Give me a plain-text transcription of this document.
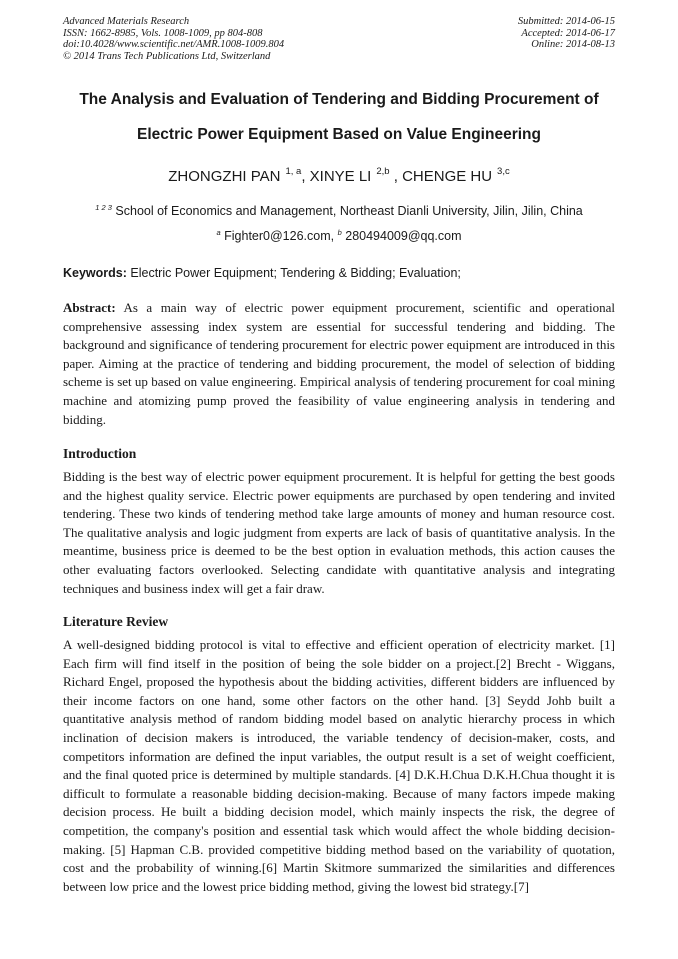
Advanced Materials Research
ISSN: 1662-8985, Vols. 1008-1009, pp 804-808
doi:10.4028/www.scientific.net/AMR.1008-1009.804
© 2014 Trans Tech Publications Ltd, Switzerland
Submitted: 2014-06-15
Accepted: 2014-06-17
Online: 2014-08-13
The Analysis and Evaluation of Tendering and Bidding Procurement of
Electric Power Equipment Based on Value Engineering
ZHONGZHI PAN   $^{1, a}$, XINYE LI   $^{2,b}$ , CHENGE HU   $^{3,c}$
$^{1 2 3}$ School of Economics and Management, Northeast Dianli University, Jilin, Jilin, China
$^a$ Fighter0@126.com, $^b$ 280494009@qq.com
Keywords: Electric Power Equipment; Tendering & Bidding; Evaluation;
Abstract: As a main way of electric power equipment procurement, scientific and operational comprehensive assessing index system are essential for successful tendering and bidding. The background and significance of tendering procurement for electric power equipment are introduced in this paper. Aiming at the practice of tendering and bidding procurement, the model of selection of bidding scheme is set up based on value engineering. Empirical analysis of tendering procurement for coal mining machine and atomizing pump proved the feasibility of value engineering analysis in tendering and bidding.
Introduction
Bidding is the best way of electric power equipment procurement. It is helpful for getting the best goods and the highest quality service. Electric power equipments are purchased by open tendering and invited tendering. These two kinds of tendering method take large amounts of money and human resource cost. The qualitative analysis and logic judgment from experts are lack of basis of quantitative analysis. In the meantime, business price is deemed to be the best option in evaluation methods, this action causes the other evaluating factors overlooked. Selecting candidate with quantitative analysis and integrating techniques and business index will get a fair draw.
Literature Review
A well-designed bidding protocol is vital to effective and efficient operation of electricity market. [1] Each firm will find itself in the position of being the sole bidder on a project.[2] Brecht - Wiggans, Richard Engel, proposed the hypothesis about the bidding activities, different bidders are influenced by their income factors on one hand, some other factors on the other hand. [3] Seydd Johb built a quantitative analysis method of random bidding model based on analytic hierarchy process in which inclination of decision makers is introduced, the variable tendency of decision-maker, costs, and competitors information are defined the input variables, the output result is a set of weight coefficient, and the final quoted price is determined by multiple standards. [4] D.K.H.Chua D.K.H.Chua thought it is difficult to formulate a reasonable bidding decision-making. Because of many factors impede making decision process. He built a bidding decision model, which mainly inspects the risk, the degree of competition, the company's position and essential task which would affect the whole bidding decision-making. [5] Hapman C.B. provided competitive bidding method based on the variability of quotation, cost and the probability of winning.[6] Martin Skitmore summarized the similarities and differences between low price and the lowest price bidding method, giving the lowest bid strategy.[7]
